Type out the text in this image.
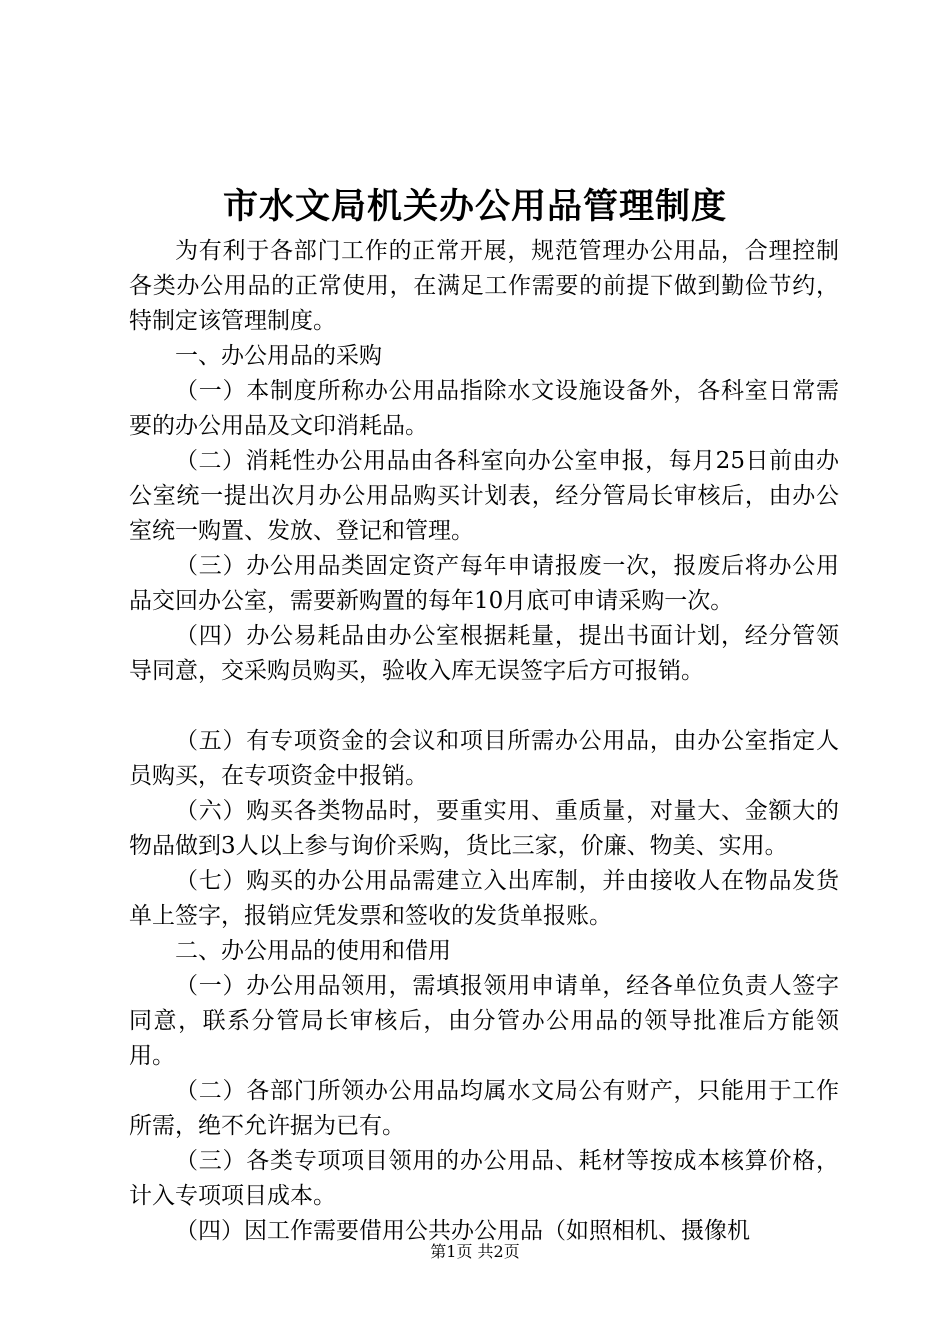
市水文局机关办公用品管理制度

为有利于各部门工作的正常开展，规范管理办公用品，合理控制各类办公用品的正常使用，在满足工作需要的前提下做到勤俭节约，特制定该管理制度。

一、办公用品的采购

（一）本制度所称办公用品指除水文设施设备外，各科室日常需要的办公用品及文印消耗品。

（二）消耗性办公用品由各科室向办公室申报，每月25日前由办公室统一提出次月办公用品购买计划表，经分管局长审核后，由办公室统一购置、发放、登记和管理。

（三）办公用品类固定资产每年申请报废一次，报废后将办公用品交回办公室，需要新购置的每年10月底可申请采购一次。

（四）办公易耗品由办公室根据耗量，提出书面计划，经分管领导同意，交采购员购买，验收入库无误签字后方可报销。

（五）有专项资金的会议和项目所需办公用品，由办公室指定人员购买，在专项资金中报销。

（六）购买各类物品时，要重实用、重质量，对量大、金额大的物品做到3人以上参与询价采购，货比三家，价廉、物美、实用。

（七）购买的办公用品需建立入出库制，并由接收人在物品发货单上签字，报销应凭发票和签收的发货单报账。

二、办公用品的使用和借用

（一）办公用品领用，需填报领用申请单，经各单位负责人签字同意，联系分管局长审核后，由分管办公用品的领导批准后方能领用。

（二）各部门所领办公用品均属水文局公有财产，只能用于工作所需，绝不允许据为已有。

（三）各类专项项目领用的办公用品、耗材等按成本核算价格，计入专项项目成本。

（四）因工作需要借用公共办公用品（如照相机、摄像机

第1页 共2页
